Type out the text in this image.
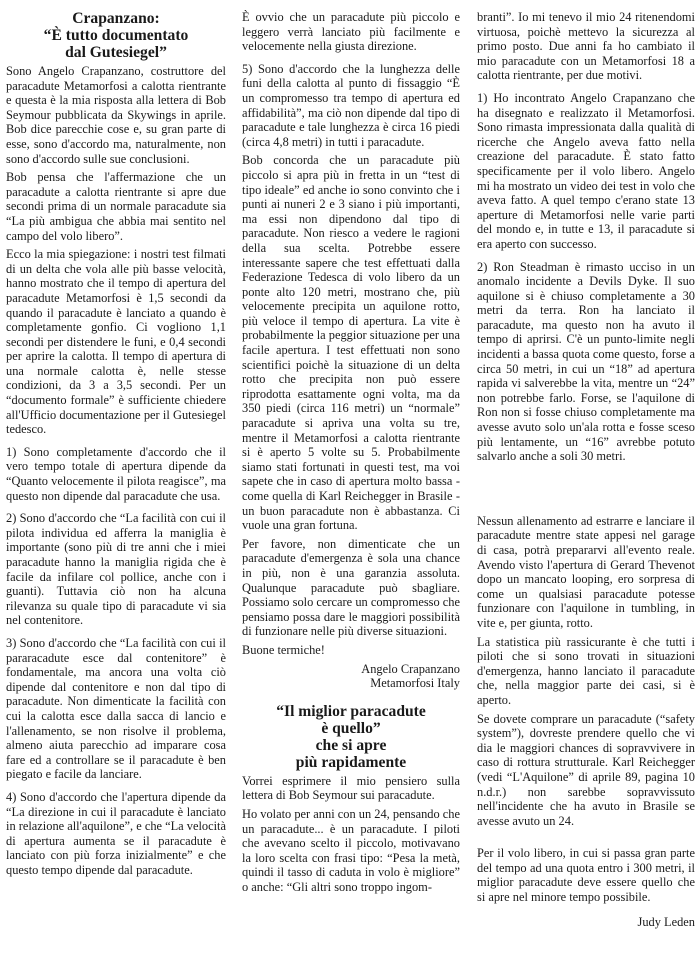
Crapanzano:
“È tutto documentato
dal Gutesiegel”

Sono Angelo Crapanzano, costruttore del paracadute Metamorfosi a calotta rientrante e questa è la mia risposta alla lettera di Bob Seymour pubblicata da Skywings in aprile. Bob dice parecchie cose e, su gran parte di esse, sono d'accordo ma, naturalmente, non sono d'accordo sulle sue conclusioni.

Bob pensa che l'affermazione che un paracadute a calotta rientrante si apre due secondi prima di un normale paracadute sia “La più ambigua che abbia mai sentito nel campo del volo libero”.

Ecco la mia spiegazione: i nostri test filmati di un delta che vola alle più basse velocità, hanno mostrato che il tempo di apertura del paracadute Metamorfosi è 1,5 secondi da quando il paracadute è lanciato a quando è completamente gonfio. Ci vogliono 1,1 secondi per distendere le funi, e 0,4 secondi per aprire la calotta. Il tempo di apertura di una normale calotta è, nelle stesse condizioni, da 3 a 3,5 secondi. Per un “documento formale” è sufficiente chiedere all'Ufficio documentazione per il Gutesiegel tedesco.

1) Sono completamente d'accordo che il vero tempo totale di apertura dipende da “Quanto velocemente il pilota reagisce”, ma questo non dipende dal paracadute che usa.

2) Sono d'accordo che “La facilità con cui il pilota individua ed afferra la maniglia è importante (sono più di tre anni che i miei paracadute hanno la maniglia rigida che è facile da infilare col pollice, anche con i guanti). Tuttavia ciò non ha alcuna rilevanza su quale tipo di paracadute vi sia nel contenitore.

3) Sono d'accordo che “La facilità con cui il pararacadute esce dal contenitore” è fondamentale, ma ancora una volta ciò dipende dal contenitore e non dal tipo di paracadute. Non dimenticate la facilità con cui la calotta esce dalla sacca di lancio e l'allenamento, se non risolve il problema, almeno aiuta parecchio ad imparare cosa fare ed a controllare se il paracadute è ben piegato e facile da lanciare.

4) Sono d'accordo che l'apertura dipende da “La direzione in cui il paracadute è lanciato in relazione all'aquilone”, e che “La velocità di apertura aumenta se il paracadute è lanciato con più forza inizialmente” e che questo tempo dipende dal paracadute.

È ovvio che un paracadute più piccolo e leggero verrà lanciato più facilmente e velocemente nella giusta direzione.

5) Sono d'accordo che la lunghezza delle funi della calotta al punto di fissaggio “È un compromesso tra tempo di apertura ed affidabilità”, ma ciò non dipende dal tipo di paracadute e tale lunghezza è circa 16 piedi (circa 4,8 metri) in tutti i paracadute.

Bob concorda che un paracadute più piccolo si apra più in fretta in un “test di tipo ideale” ed anche io sono convinto che i punti ai nuneri 2 e 3 siano i più importanti, ma essi non dipendono dal tipo di paracadute. Non riesco a vedere le ragioni della sua scelta. Potrebbe essere interessante sapere che test effettuati dalla Federazione Tedesca di volo libero da un ponte alto 120 metri, mostrano che, più velocemente precipita un aquilone rotto, più veloce il tempo di apertura. La vite è probabilmente la peggior situazione per una facile apertura. I test effettuati non sono scientifici poichè la situazione di un delta rotto che precipita non può essere riprodotta esattamente ogni volta, ma da 350 piedi (circa 116 metri) un “normale” paracadute si apriva una volta su tre, mentre il Metamorfosi a calotta rientrante si è aperto 5 volte su 5. Probabilmente siamo stati fortunati in questi test, ma voi sapete che in caso di apertura molto bassa - come quella di Karl Reichegger in Brasile - un buon paracadute non è abbastanza. Ci vuole una gran fortuna.

Per favore, non dimenticate che un paracadute d'emergenza è sola una chance in più, non è una garanzia assoluta. Qualunque paracadute può sbagliare. Possiamo solo cercare un compromesso che pensiamo possa dare le maggiori possibilità di funzionare nelle più diverse situazioni.

Buone termiche!

Angelo Crapanzano
Metamorfosi Italy
“Il miglior paracadute
è quello”
che si apre
più rapidamente

Vorrei esprimere il mio pensiero sulla lettera di Bob Seymour sui paracadute.

Ho volato per anni con un 24, pensando che un paracadute... è un paracadute. I piloti che avevano scelto il piccolo, motivavano la loro scelta con frasi tipo: “Pesa la metà, quindi il tasso di caduta in volo è migliore” o anche: “Gli altri sono troppo ingom-

branti”. Io mi tenevo il mio 24 ritenendomi virtuosa, poichè mettevo la sicurezza al primo posto. Due anni fa ho cambiato il mio paracadute con un Metamorfosi 18 a calotta rientrante, per due motivi.

1) Ho incontrato Angelo Crapanzano che ha disegnato e realizzato il Metamorfosi. Sono rimasta impressionata dalla qualità di ricerche che Angelo aveva fatto nella creazione del paracadute. È stato fatto specificamente per il volo libero. Angelo mi ha mostrato un video dei test in volo che aveva fatto. A quel tempo c'erano state 13 aperture di Metamorfosi nelle varie parti del mondo e, in tutte e 13, il paracadute si era aperto con successo.

2) Ron Steadman è rimasto ucciso in un anomalo incidente a Devils Dyke. Il suo aquilone si è chiuso completamente a 30 metri da terra. Ron ha lanciato il paracadute, ma questo non ha avuto il tempo di aprirsi. C'è un punto-limite negli incidenti a bassa quota come questo, forse a circa 50 metri, in cui un “18” ad apertura rapida vi salverebbe la vita, mentre un “24” non potrebbe farlo. Forse, se l'aquilone di Ron non si fosse chiuso completamente ma avesse avuto solo un'ala rotta e fosse sceso più lentamente, un “16” avrebbe potuto salvarlo anche a soli 30 metri.

Nessun allenamento ad estrarre e lanciare il paracadute mentre state appesi nel garage di casa, potrà prepararvi all'evento reale. Avendo visto l'apertura di Gerard Thevenot dopo un mancato looping, ero sorpresa di come un qualsiasi paracadute potesse funzionare con l'aquilone in tumbling, in vite e, per giunta, rotto.

La statistica più rassicurante è che tutti i piloti che si sono trovati in situazioni d'emergenza, hanno lanciato il paracadute che, nella maggior parte dei casi, si è aperto.

Se dovete comprare un paracadute (“safety system”), dovreste prendere quello che vi dia le maggiori chances di sopravvivere in caso di rottura strutturale. Karl Reichegger (vedi “L'Aquilone” di aprile 89, pagina 10 n.d.r.) non sarebbe sopravvissuto nell'incidente che ha avuto in Brasile se avesse avuto un 24.

Per il volo libero, in cui si passa gran parte del tempo ad una quota entro i 300 metri, il miglior paracadute deve essere quello che si apre nel minore tempo possibile.

Judy Leden
